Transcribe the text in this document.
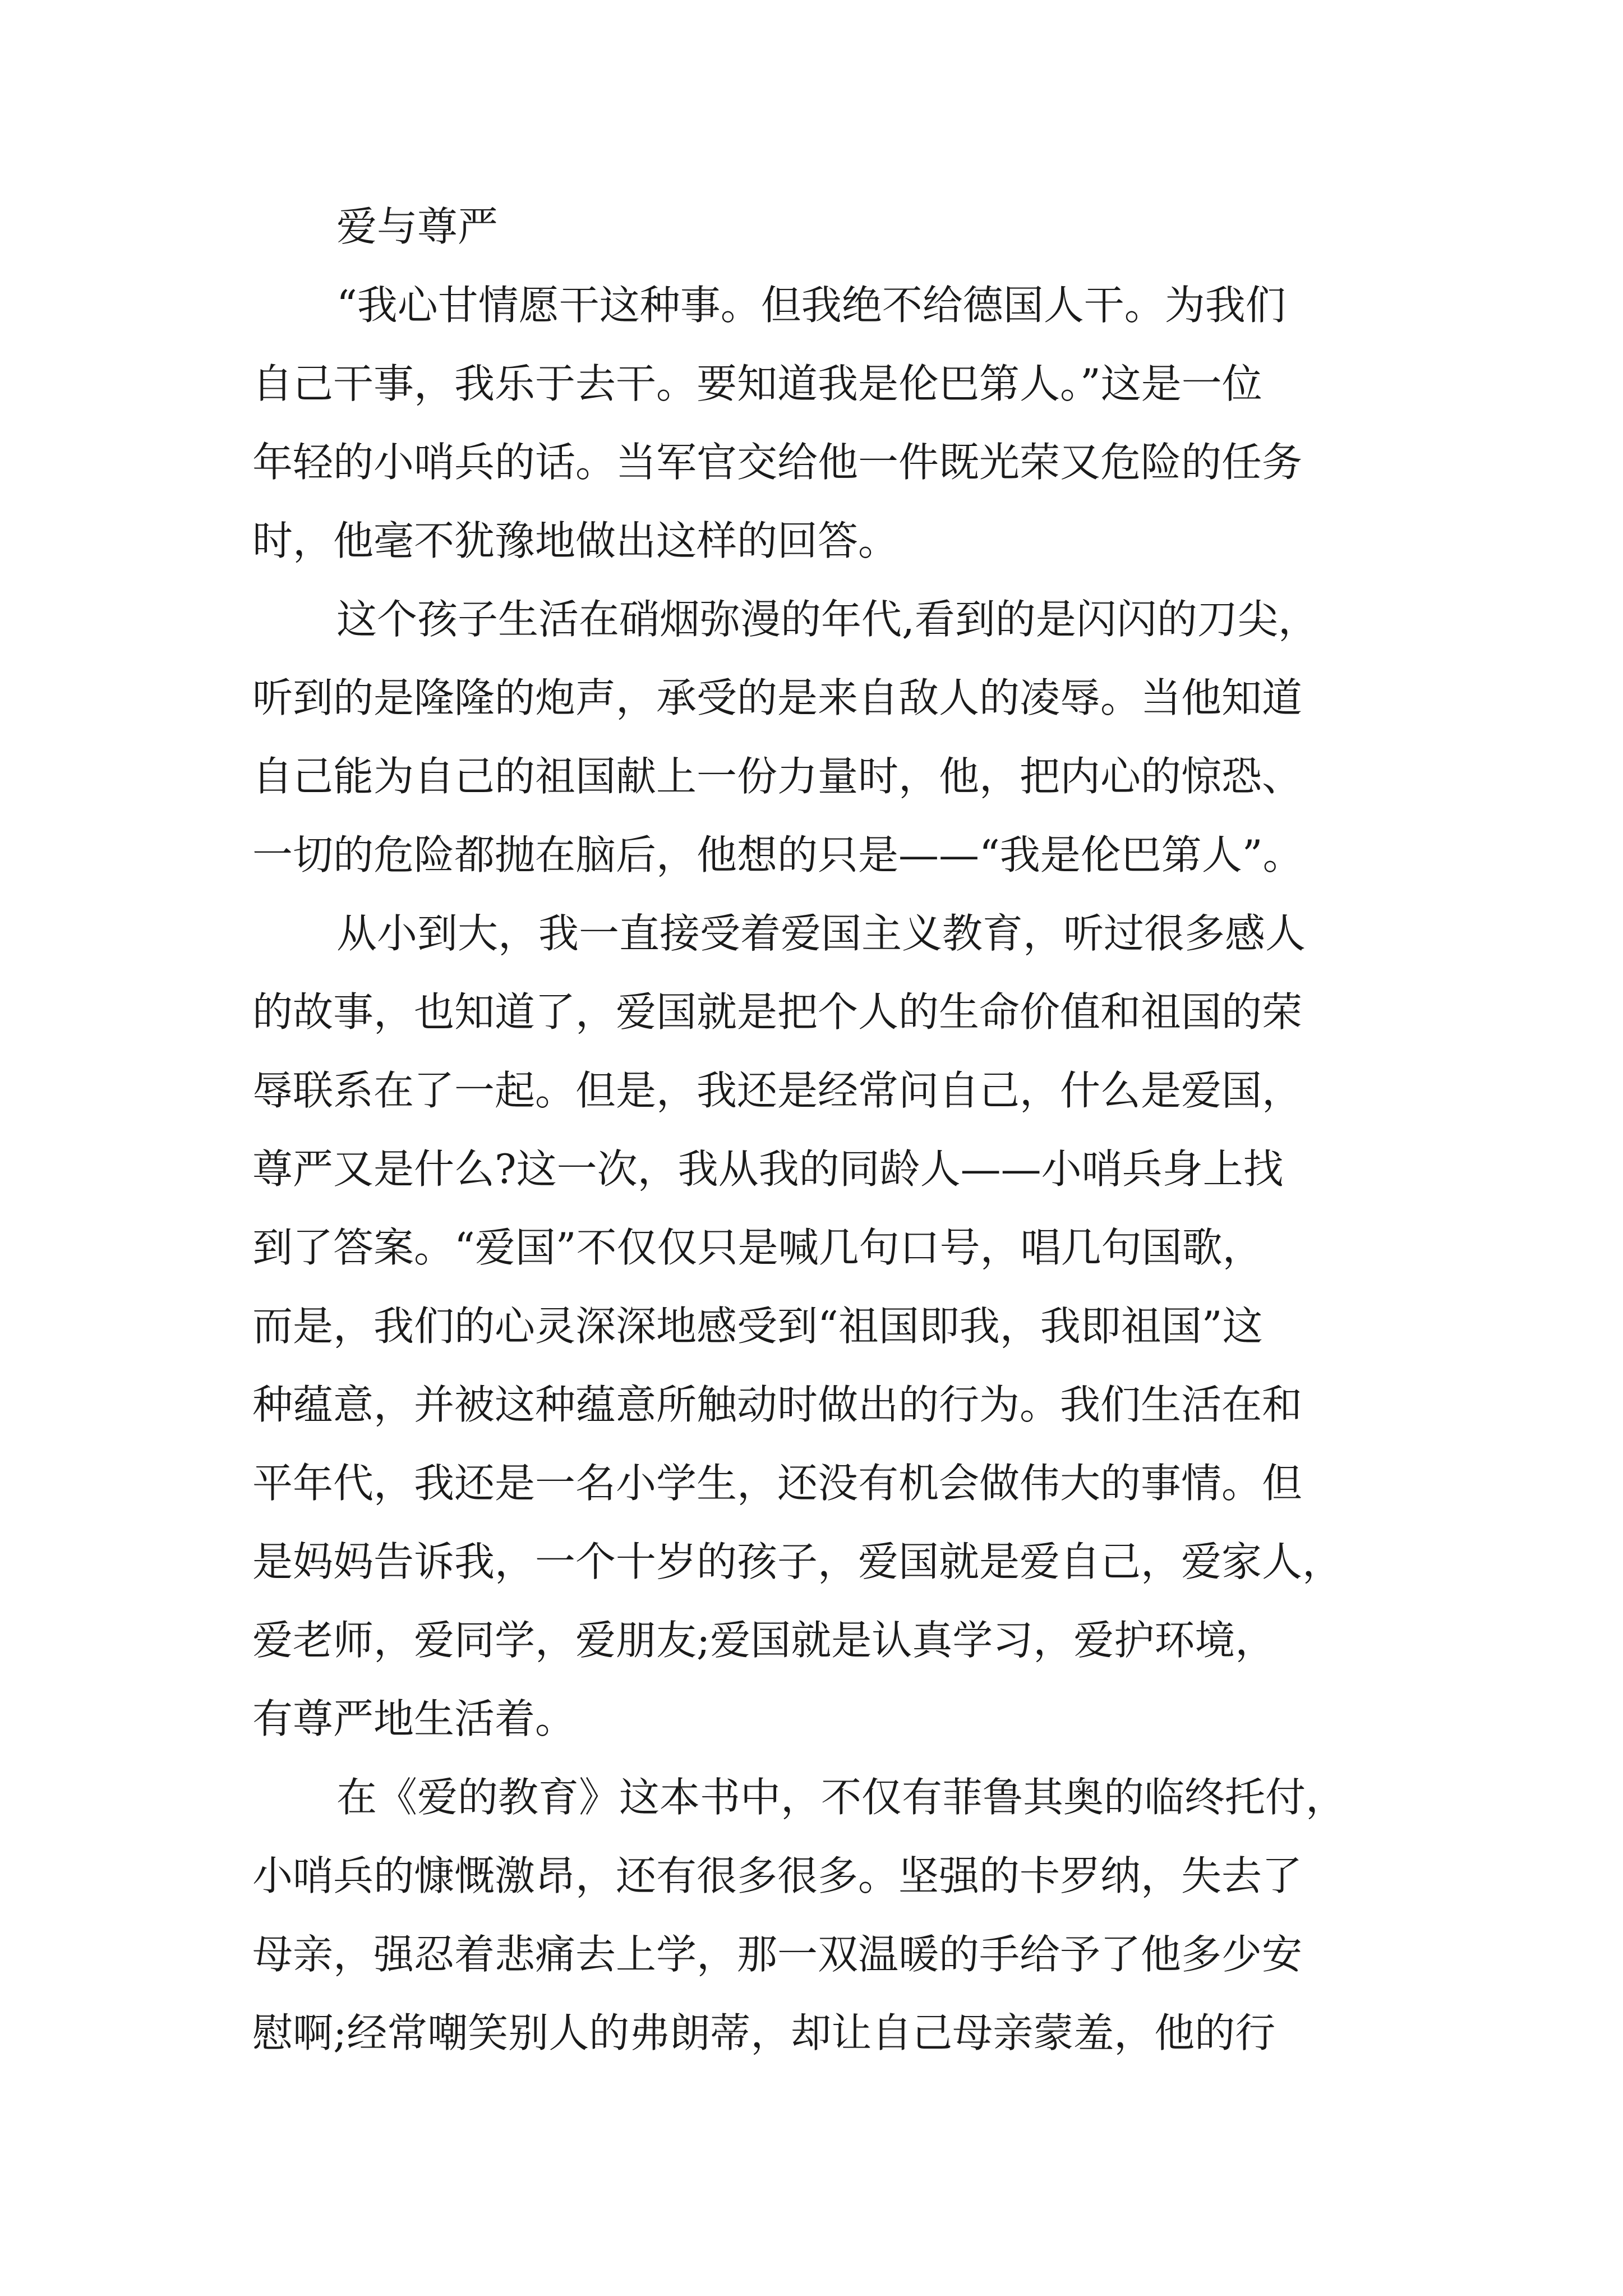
爱与尊严
“我心甘情愿干这种事。但我绝不给德国人干。为我们
自己干事，我乐于去干。要知道我是伦巴第人。”这是一位
年轻的小哨兵的话。当军官交给他一件既光荣又危险的任务
时，他毫不犹豫地做出这样的回答。
这个孩子生活在硝烟弥漫的年代,看到的是闪闪的刀尖，
听到的是隆隆的炮声，承受的是来自敌人的凌辱。当他知道
自己能为自己的祖国献上一份力量时，他，把内心的惊恐、
一切的危险都抛在脑后，他想的只是——“我是伦巴第人”。
从小到大，我一直接受着爱国主义教育，听过很多感人
的故事，也知道了，爱国就是把个人的生命价值和祖国的荣
辱联系在了一起。但是，我还是经常问自己，什么是爱国，
尊严又是什么?这一次，我从我的同龄人——小哨兵身上找
到了答案。“爱国”不仅仅只是喊几句口号，唱几句国歌，
而是，我们的心灵深深地感受到“祖国即我，我即祖国”这
种蕴意，并被这种蕴意所触动时做出的行为。我们生活在和
平年代，我还是一名小学生，还没有机会做伟大的事情。但
是妈妈告诉我，一个十岁的孩子，爱国就是爱自己，爱家人，
爱老师，爱同学，爱朋友;爱国就是认真学习，爱护环境，
有尊严地生活着。
在《爱的教育》这本书中，不仅有菲鲁其奥的临终托付，
小哨兵的慷慨激昂，还有很多很多。坚强的卡罗纳，失去了
母亲，强忍着悲痛去上学，那一双温暖的手给予了他多少安
慰啊;经常嘲笑别人的弗朗蒂，却让自己母亲蒙羞，他的行
